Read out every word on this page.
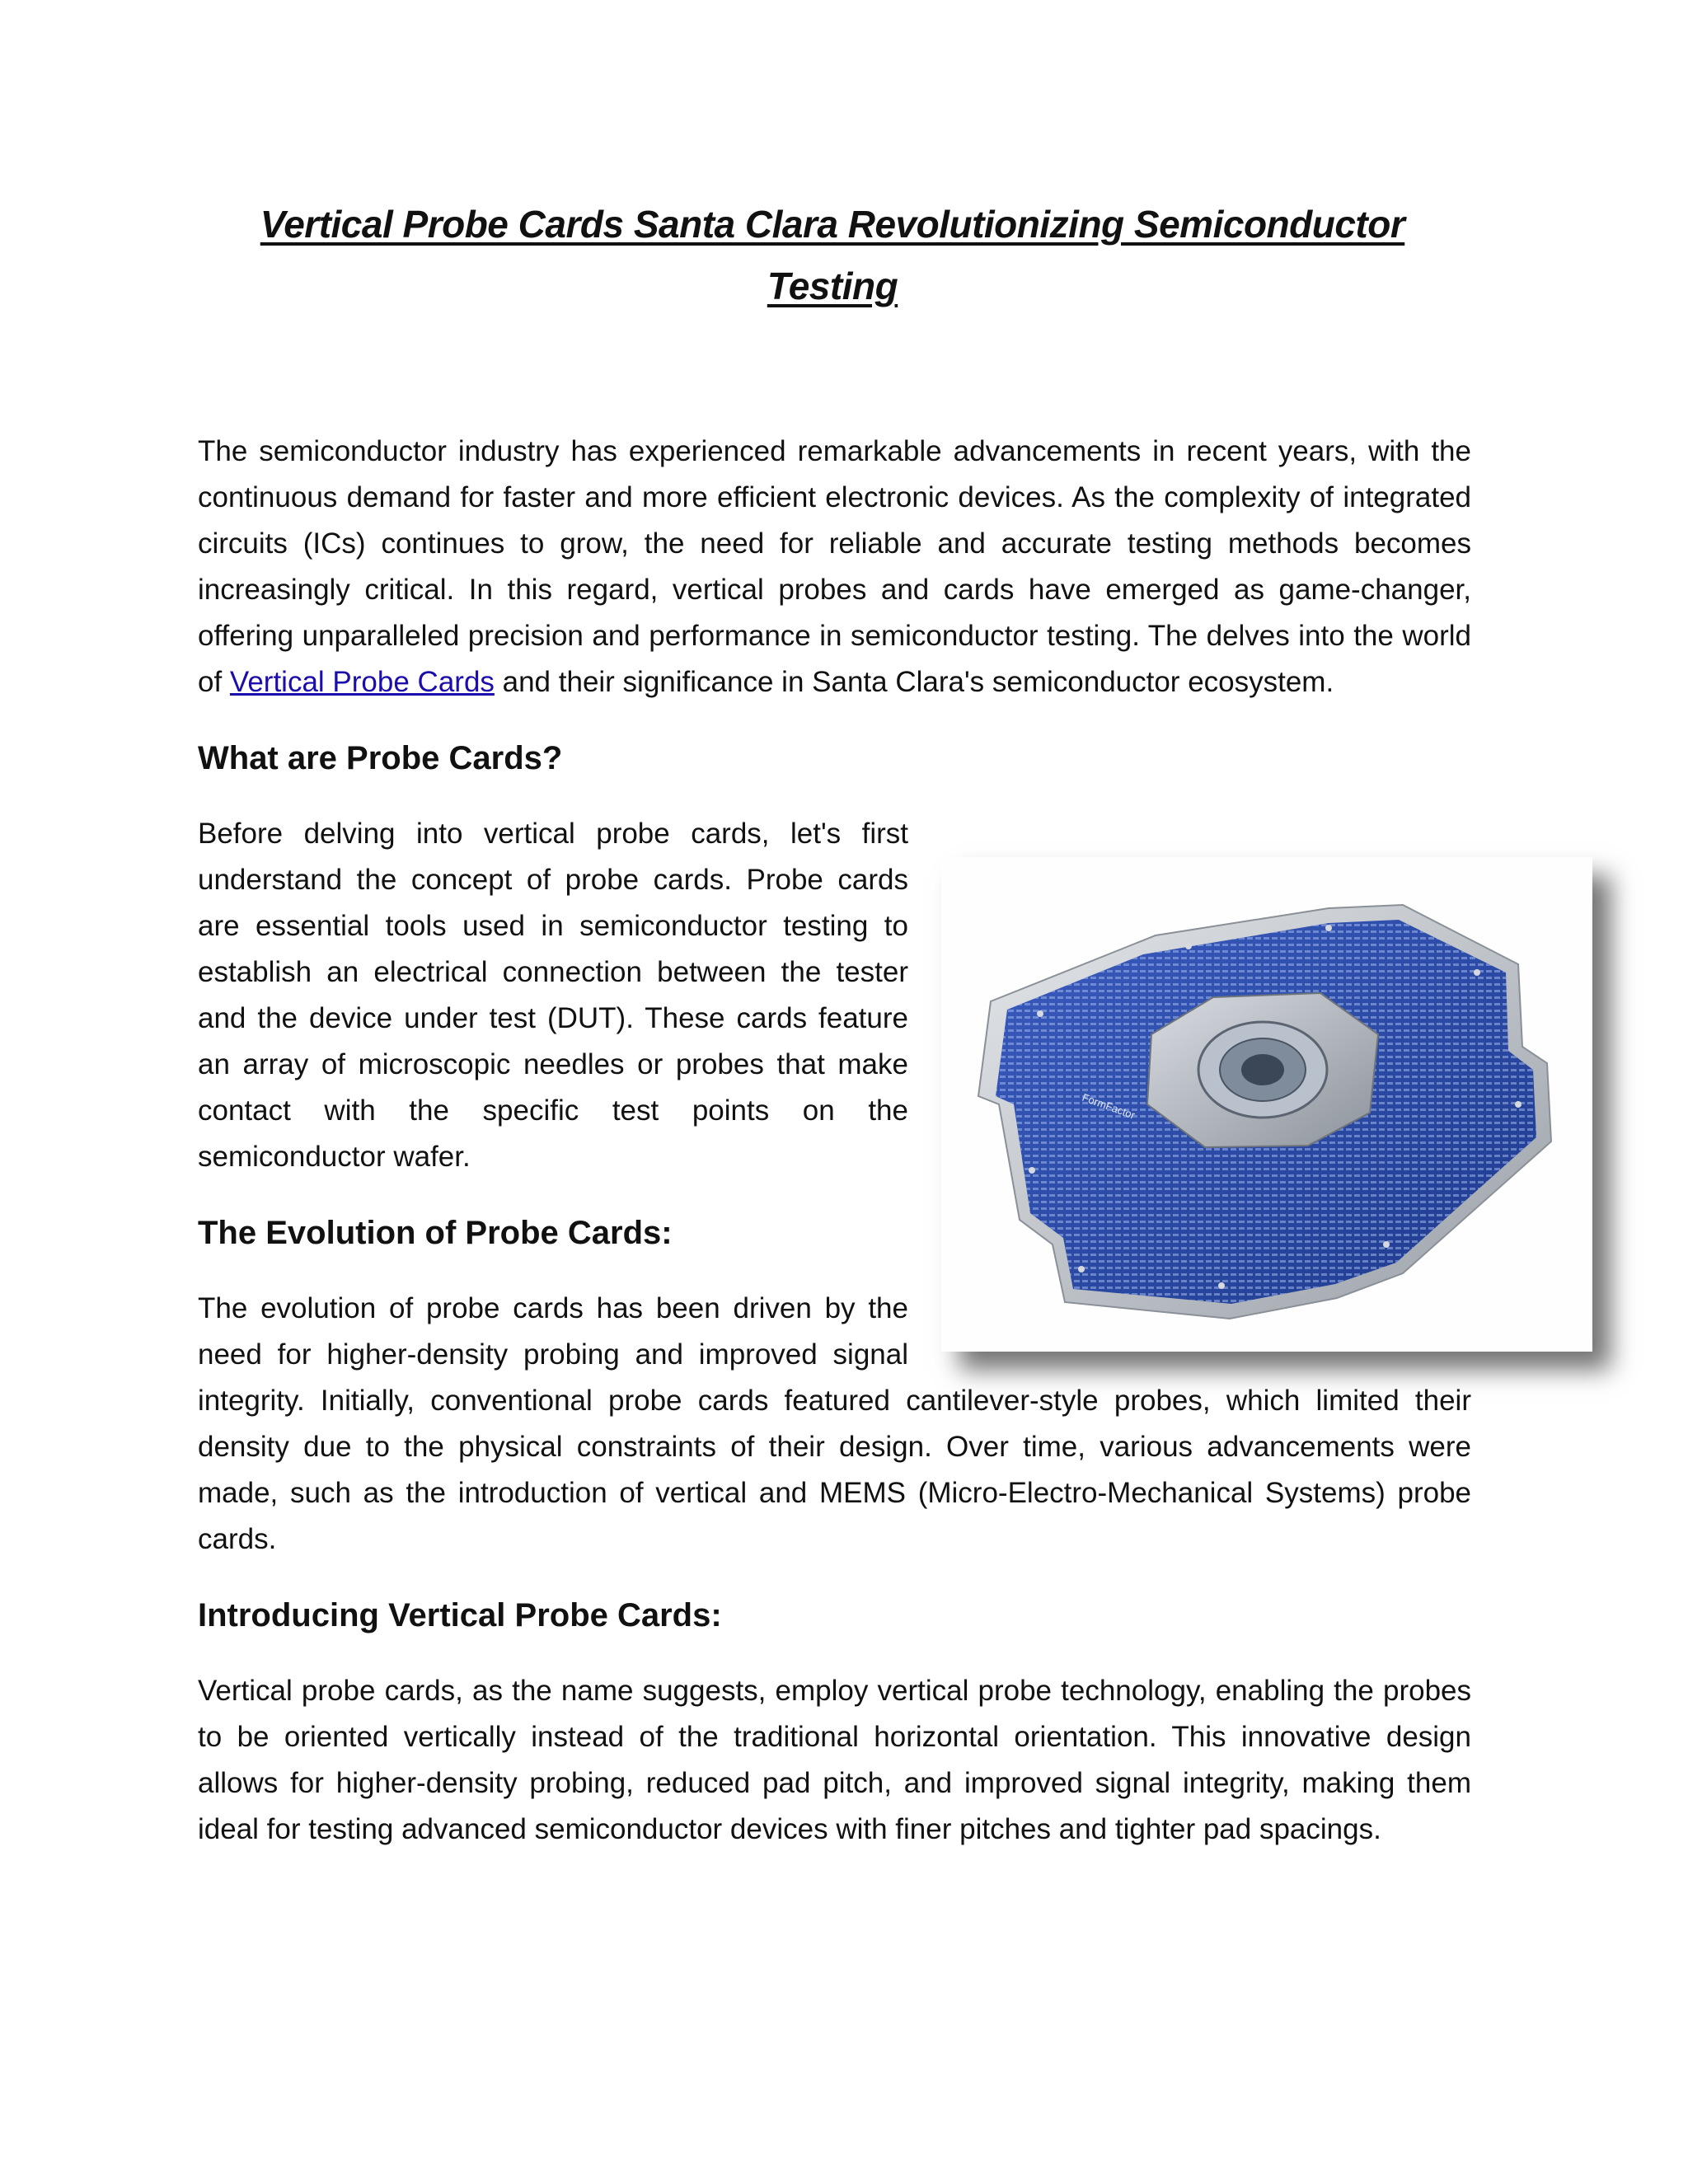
Vertical Probe Cards Santa Clara Revolutionizing Semiconductor Testing

The semiconductor industry has experienced remarkable advancements in recent years, with the continuous demand for faster and more efficient electronic devices. As the complexity of integrated circuits (ICs) continues to grow, the need for reliable and accurate testing methods becomes increasingly critical. In this regard, vertical probes and cards have emerged as game-changer, offering unparalleled precision and performance in semiconductor testing. The delves into the world of Vertical Probe Cards and their significance in Santa Clara's semiconductor ecosystem.

What are Probe Cards?
FormFactor

Before delving into vertical probe cards, let's first understand the concept of probe cards. Probe cards are essential tools used in semiconductor testing to establish an electrical connection between the tester and the device under test (DUT). These cards feature an array of microscopic needles or probes that make contact with the specific test points on the semiconductor wafer.

The Evolution of Probe Cards:

The evolution of probe cards has been driven by the need for higher-density probing and improved signal integrity. Initially, conventional probe cards featured cantilever-style probes, which limited their density due to the physical constraints of their design. Over time, various advancements were made, such as the introduction of vertical and MEMS (Micro-Electro-Mechanical Systems) probe cards.

Introducing Vertical Probe Cards:

Vertical probe cards, as the name suggests, employ vertical probe technology, enabling the probes to be oriented vertically instead of the traditional horizontal orientation. This innovative design allows for higher-density probing, reduced pad pitch, and improved signal integrity, making them ideal for testing advanced semiconductor devices with finer pitches and tighter pad spacings.
